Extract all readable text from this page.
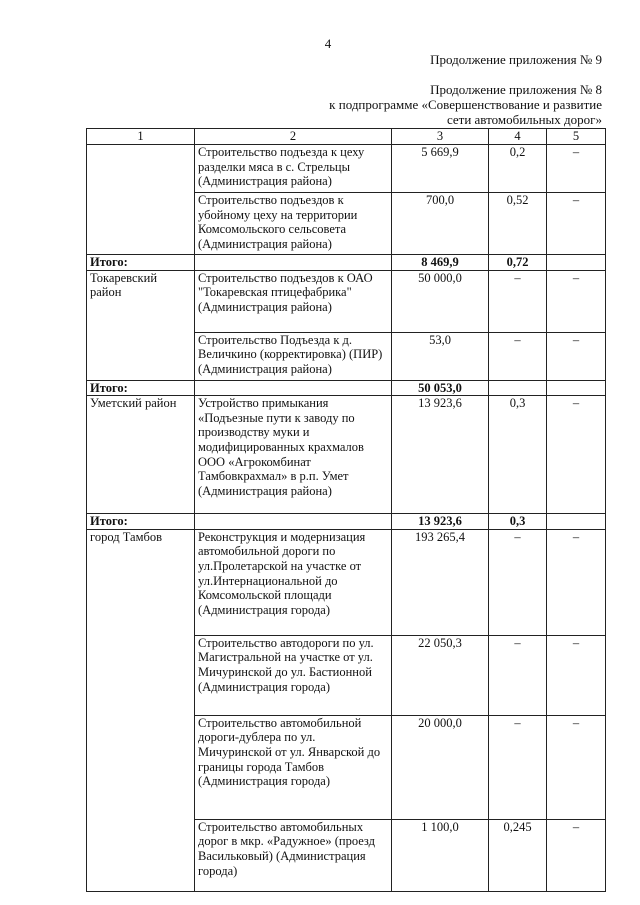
4
Продолжение приложения № 9
Продолжение приложения № 8
к подпрограмме «Совершенствование и развитие
сети автомобильных дорог»
1	2	3	4	5
	Строительство подъезда к цеху разделки мяса в с. Стрельцы (Администрация района)	5 669,9	0,2	–
	Строительство подъездов к убойному цеху на территории Комсомольского сельсовета (Администрация района)	700,0	0,52	–
Итого:		8 469,9	0,72	
Токаревский район	Строительство подъездов к ОАО "Токаревская птицефабрика" (Администрация района)	50 000,0	–	–
	Строительство Подъезда к д. Величкино (корректировка) (ПИР) (Администрация района)	53,0	–	–
Итого:		50 053,0		
Уметский район	Устройство примыкания «Подъезные пути к заводу по производству муки и модифицированных крахмалов ООО «Агрокомбинат Тамбовкрахмал» в р.п. Умет (Администрация района)	13 923,6	0,3	–
Итого:		13 923,6	0,3	
город Тамбов	Реконструкция и модернизация автомобильной дороги по ул.Пролетарской на участке от ул.Интернациональной до Комсомольской площади (Администрация города)	193 265,4	–	–
	Строительство автодороги по ул. Магистральной на участке от ул. Мичуринской до ул. Бастионной (Администрация города)	22 050,3	–	–
	Строительство автомобильной дороги-дублера по ул. Мичуринской от ул. Январской до границы города Тамбов (Администрация города)	20 000,0	–	–
	Строительство автомобильных дорог в мкр. «Радужное» (проезд Васильковый) (Администрация города)	1 100,0	0,245	–
